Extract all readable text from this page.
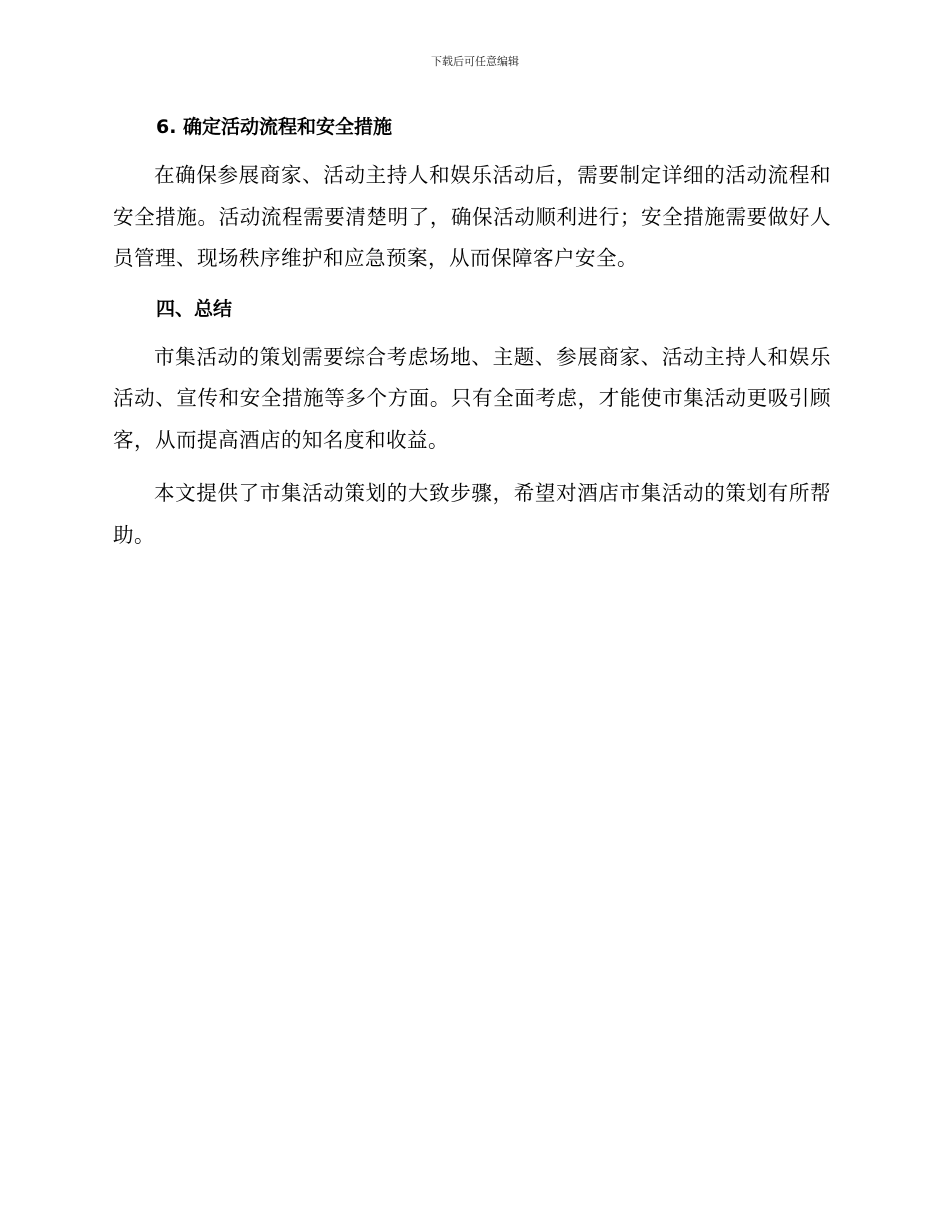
下载后可任意编辑
6. 确定活动流程和安全措施

在确保参展商家、活动主持人和娱乐活动后，需要制定详细的活动流程和安全措施。活动流程需要清楚明了，确保活动顺利进行；安全措施需要做好人员管理、现场秩序维护和应急预案，从而保障客户安全。

四、总结

市集活动的策划需要综合考虑场地、主题、参展商家、活动主持人和娱乐活动、宣传和安全措施等多个方面。只有全面考虑，才能使市集活动更吸引顾客，从而提高酒店的知名度和收益。

本文提供了市集活动策划的大致步骤，希望对酒店市集活动的策划有所帮助。
